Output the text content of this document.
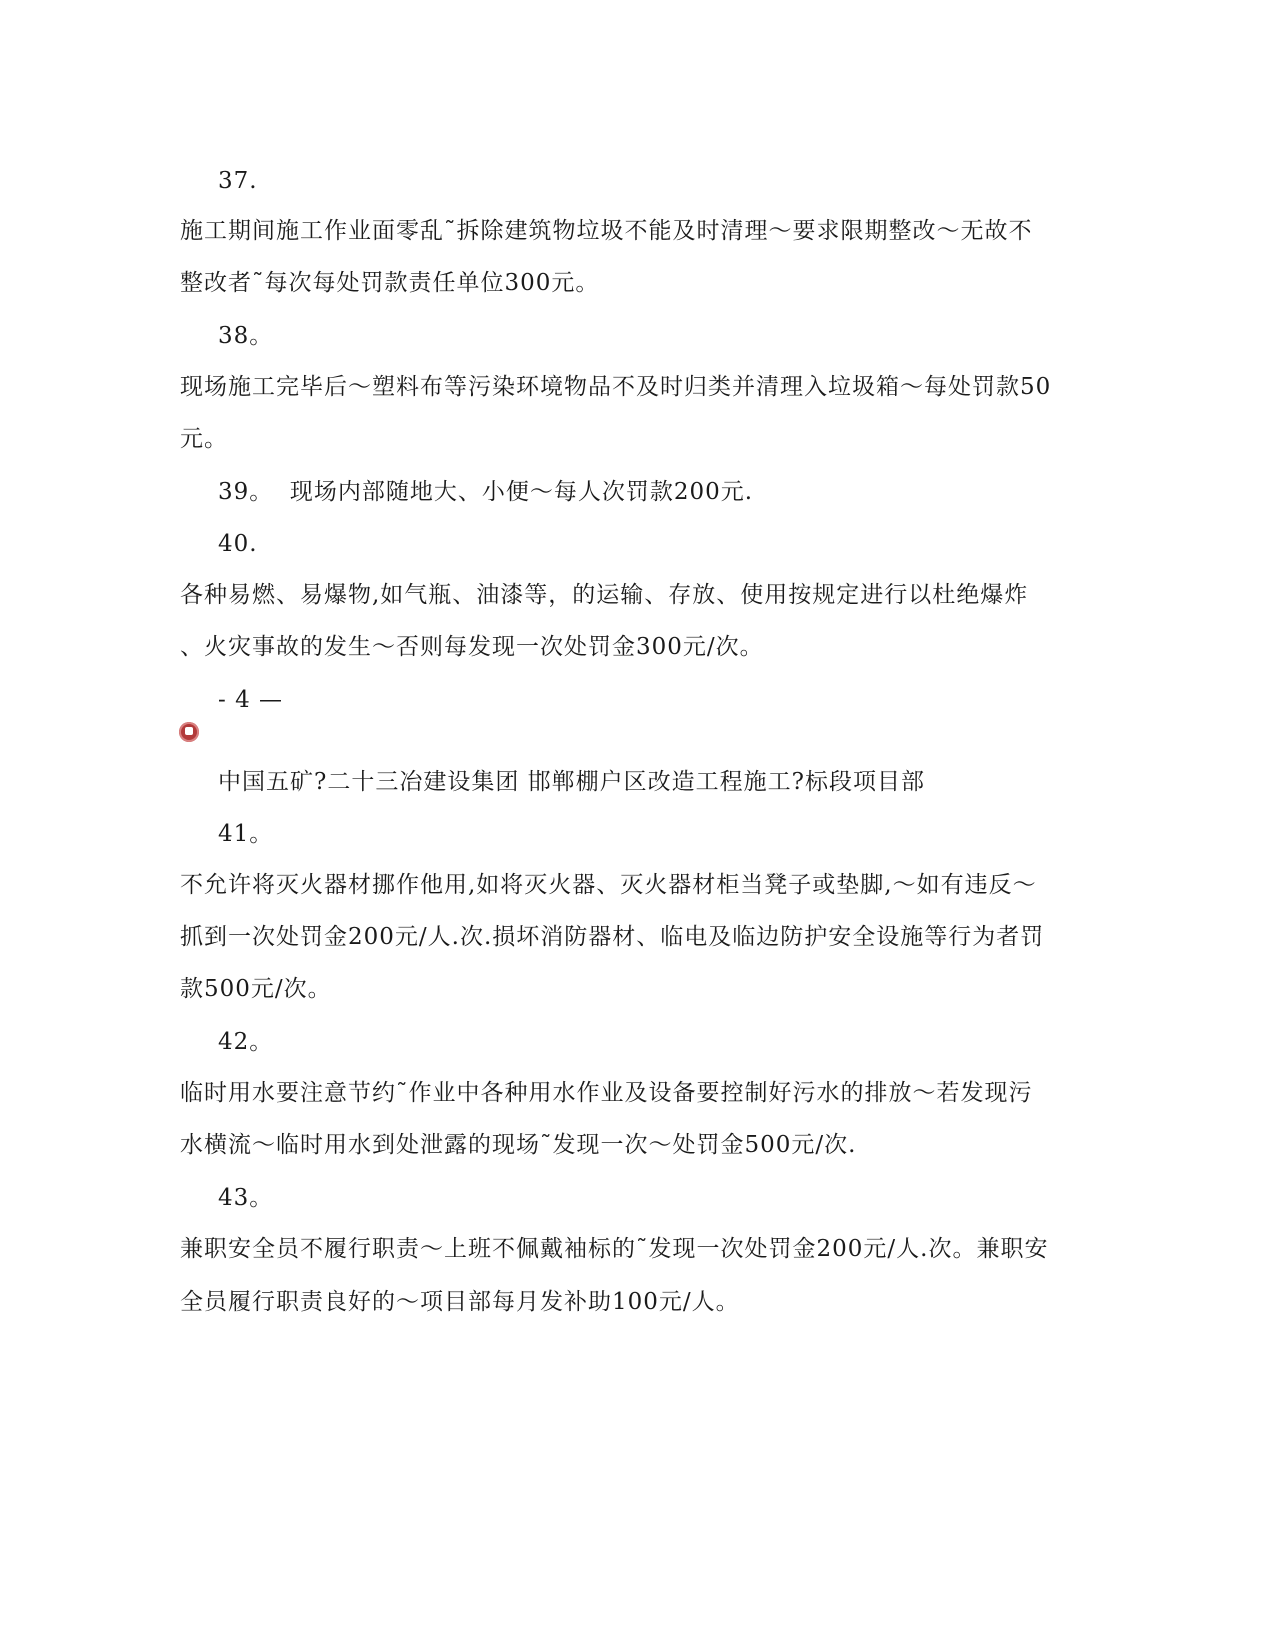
37.
施工期间施工作业面零乱˜拆除建筑物垃圾不能及时清理～要求限期整改～无故不
整改者˜每次每处罚款责任单位300元。
38。
现场施工完毕后～塑料布等污染环境物品不及时归类并清理入垃圾箱～每处罚款50
元。
39。  现场内部随地大、小便～每人次罚款200元.
40.
各种易燃、易爆物,如气瓶、油漆等，的运输、存放、使用按规定进行以杜绝爆炸
、火灾事故的发生～否则每发现一次处罚金300元/次。
- 4 —
中国五矿?二十三冶建设集团 邯郸棚户区改造工程施工?标段项目部
41。
不允许将灭火器材挪作他用,如将灭火器、灭火器材柜当凳子或垫脚,～如有违反～
抓到一次处罚金200元/人.次.损坏消防器材、临电及临边防护安全设施等行为者罚
款500元/次。
42。
临时用水要注意节约˜作业中各种用水作业及设备要控制好污水的排放～若发现污
水横流～临时用水到处泄露的现场˜发现一次～处罚金500元/次.
43。
兼职安全员不履行职责～上班不佩戴袖标的˜发现一次处罚金200元/人.次。兼职安
全员履行职责良好的～项目部每月发补助100元/人。
